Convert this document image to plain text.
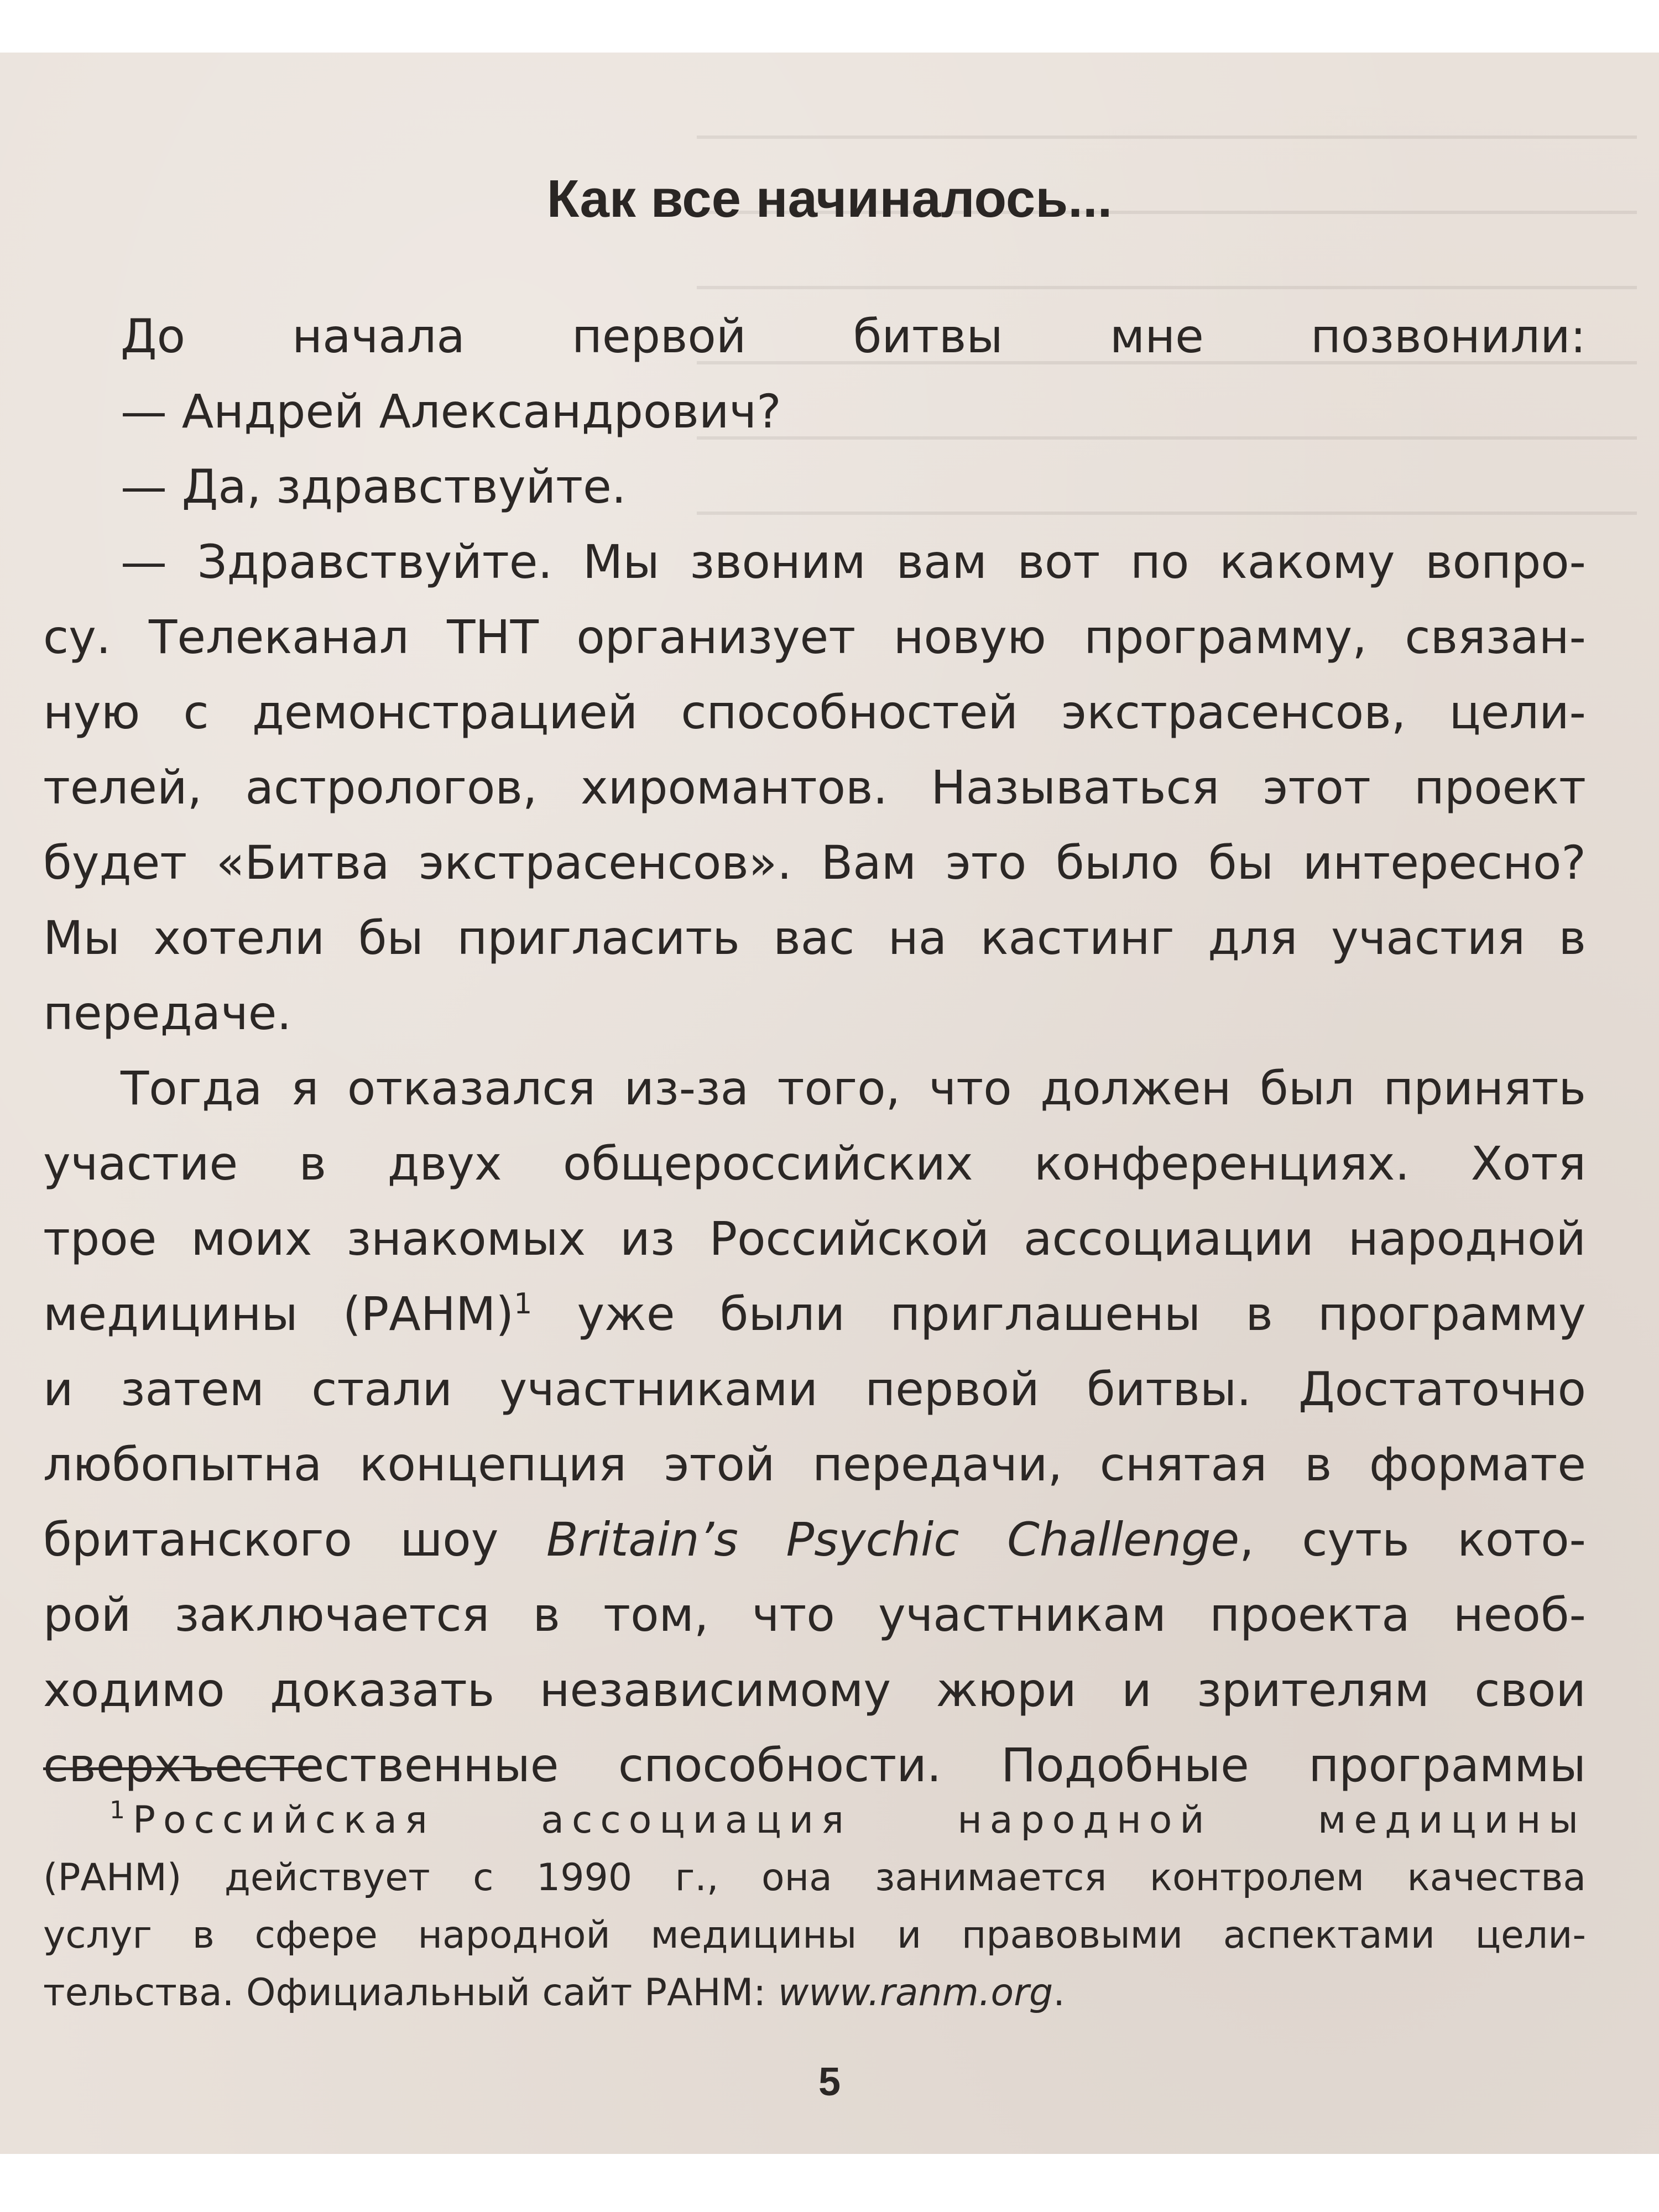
Как все начиналось...
До начала первой битвы мне позвонили:
— Андрей Александрович?
— Да, здравствуйте.
— Здравствуйте. Мы звоним вам вот по какому вопро-
су. Телеканал ТНТ организует новую программу, связан-
ную с демонстрацией способностей экстрасенсов, цели-
телей, астрологов, хиромантов. Называться этот проект
будет «Битва экстрасенсов». Вам это было бы интересно?
Мы хотели бы пригласить вас на кастинг для участия в
передаче.
Тогда я отказался из-за того, что должен был принять
участие в двух общероссийских конференциях. Хотя
трое моих знакомых из Российской ассоциации народной
медицины (РАНМ)$^1$ уже были приглашены в программу
и затем стали участниками первой битвы. Достаточно
любопытна концепция этой передачи, снятая в формате
британского шоу Britain’s Psychic Challenge, суть кото-
рой заключается в том, что участникам проекта необ-
ходимо доказать независимому жюри и зрителям свои
сверхъестественные способности. Подобные программы
$^1$Российская ассоциация народной медицины
(РАНМ) действует с 1990 г., она занимается контролем качества
услуг в сфере народной медицины и правовыми аспектами цели-
тельства. Официальный сайт РАНМ: www.ranm.org.
5
